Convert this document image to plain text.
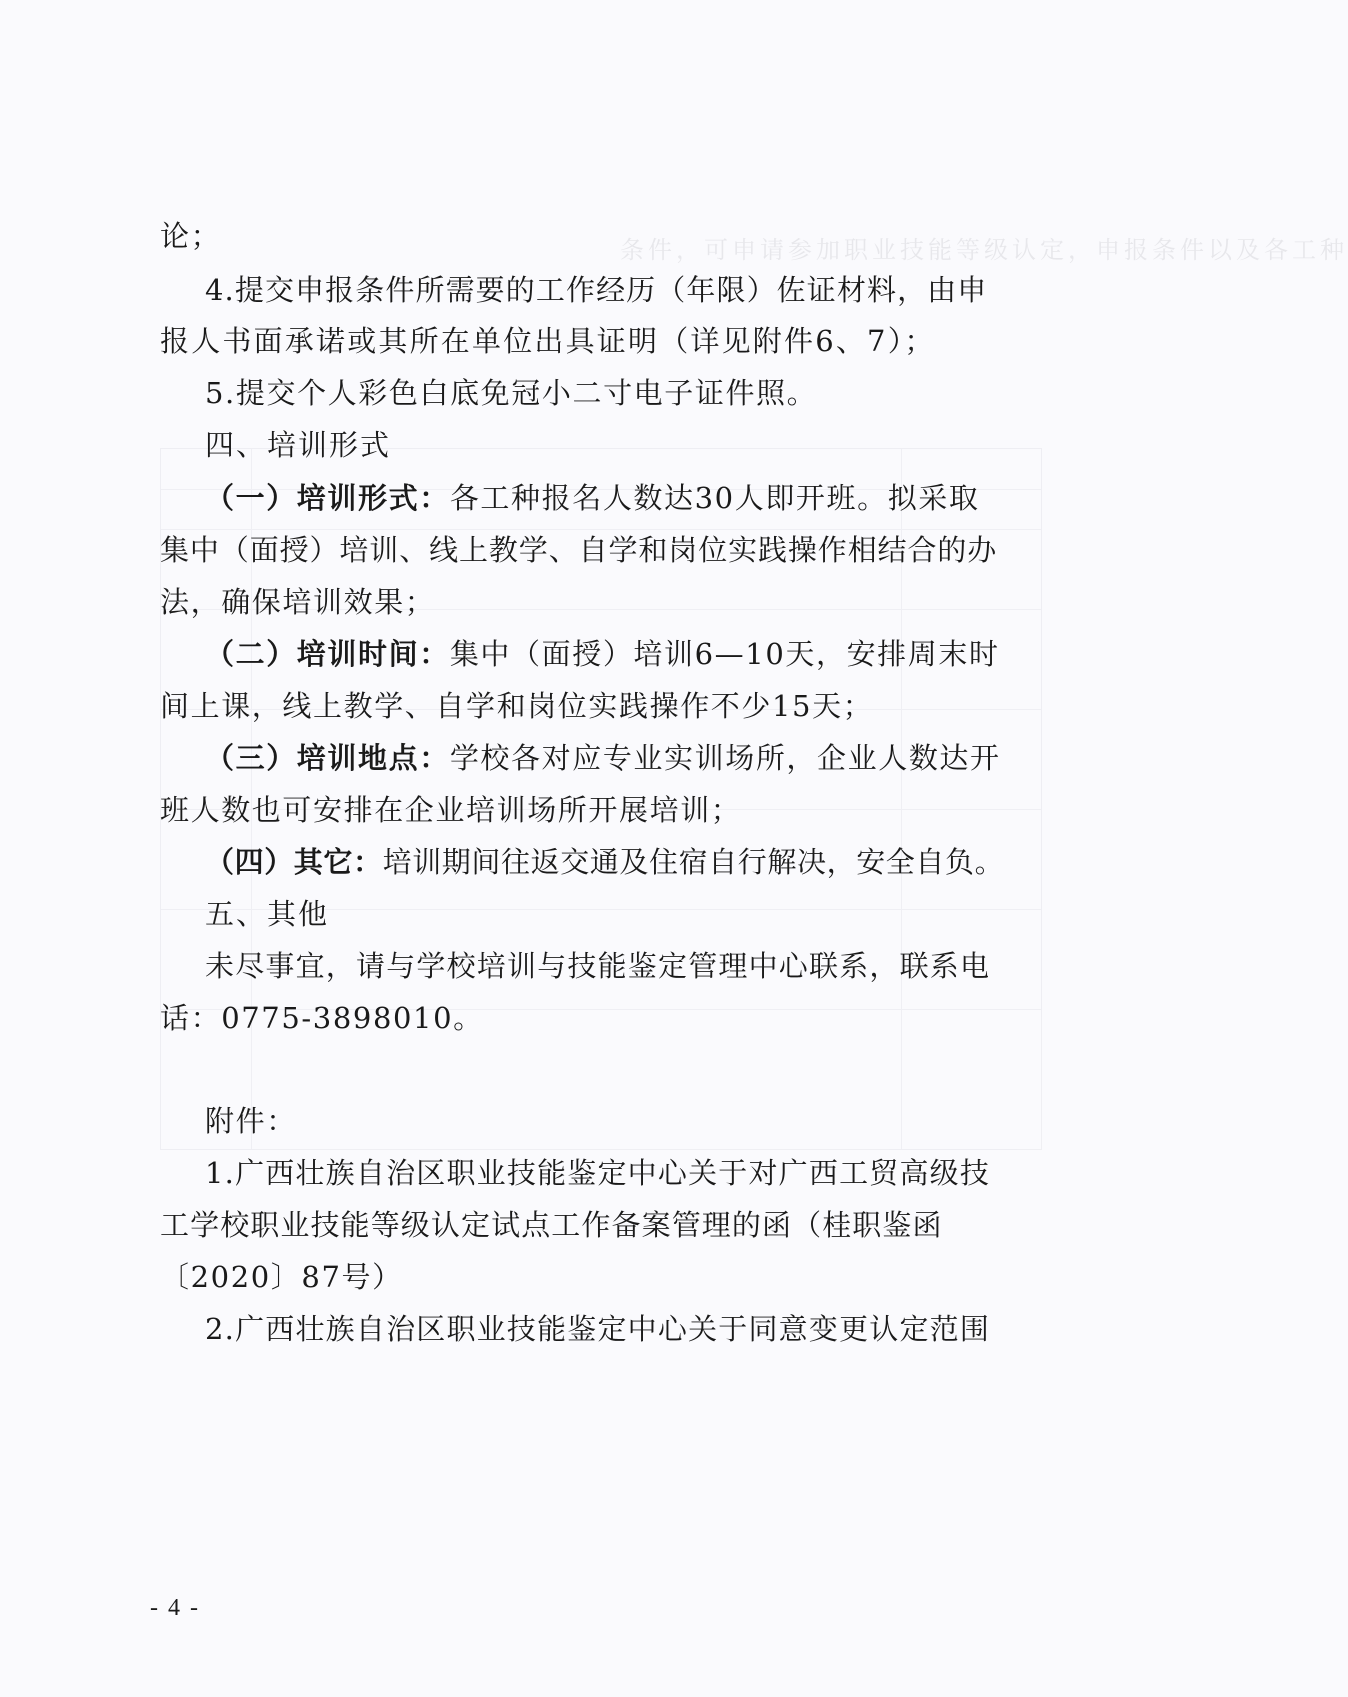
条件，可申请参加职业技能等级认定，申报条件以及各工种
论；
4.提交申报条件所需要的工作经历（年限）佐证材料，由申
报人书面承诺或其所在单位出具证明（详见附件6、7）；
5.提交个人彩色白底免冠小二寸电子证件照。
四、培训形式
（一）培训形式：各工种报名人数达30人即开班。拟采取
集中（面授）培训、线上教学、自学和岗位实践操作相结合的办
法，确保培训效果；
（二）培训时间：集中（面授）培训6—10天，安排周末时
间上课，线上教学、自学和岗位实践操作不少15天；
（三）培训地点：学校各对应专业实训场所，企业人数达开
班人数也可安排在企业培训场所开展培训；
（四）其它：培训期间往返交通及住宿自行解决，安全自负。
五、其他
未尽事宜，请与学校培训与技能鉴定管理中心联系，联系电
话：0775-3898010。
附件：
1.广西壮族自治区职业技能鉴定中心关于对广西工贸高级技
工学校职业技能等级认定试点工作备案管理的函（桂职鉴函
〔2020〕87号）
2.广西壮族自治区职业技能鉴定中心关于同意变更认定范围
- 4 -
